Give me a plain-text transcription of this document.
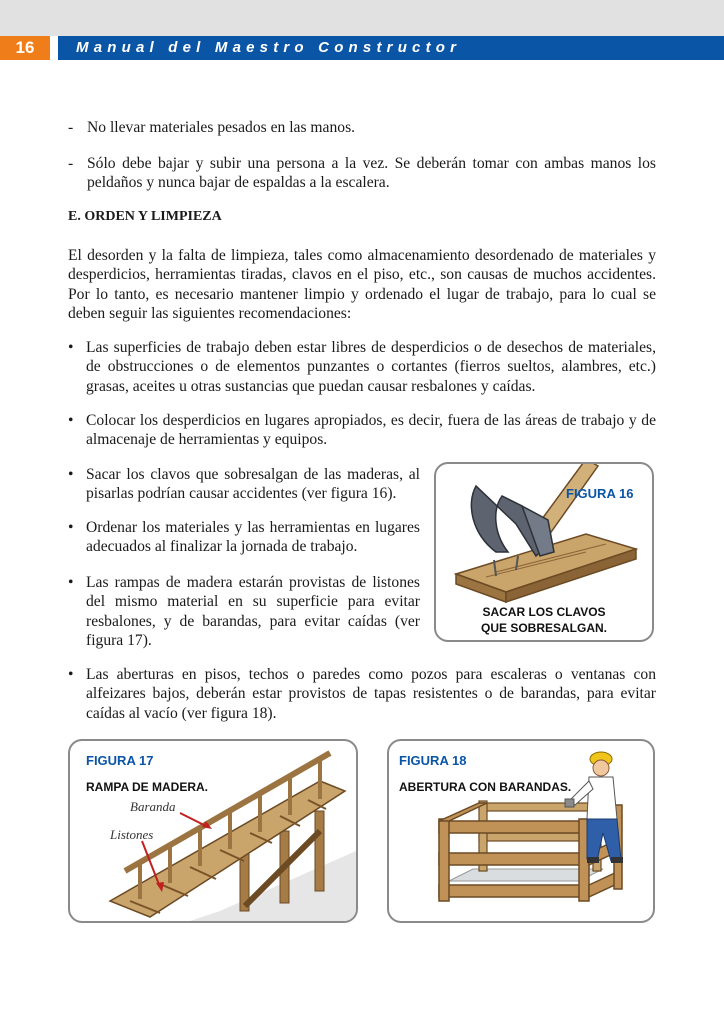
16	Manual del Maestro Constructor
- No llevar materiales pesados en las manos.
- Sólo debe bajar y subir una persona a la vez. Se deberán tomar con ambas manos los peldaños y nunca bajar de espaldas a la escalera.
E. ORDEN Y LIMPIEZA

El desorden y la falta de limpieza, tales como almacenamiento desordenado de materiales y desperdicios, herramientas tiradas, clavos en el piso, etc., son causas de muchos accidentes. Por lo tanto, es necesario mantener limpio y ordenado el lugar de trabajo, para lo cual se deben seguir las siguientes recomendaciones:

• Las superficies de trabajo deben estar libres de desperdicios o de desechos de materiales, de obstrucciones o de elementos punzantes o cortantes (fierros sueltos, alambres, etc.) grasas, aceites u otras sustancias que puedan causar resbalones y caídas.
• Colocar los desperdicios en lugares apropiados, es decir, fuera de las áreas de trabajo y de almacenaje de herramientas y equipos.
• Sacar los clavos que sobresalgan de las maderas, al pisarlas podrían causar accidentes (ver figura 16).
• Ordenar los materiales y las herramientas en lugares adecuados al finalizar la jornada de trabajo.
• Las rampas de madera estarán provistas de listones del mismo material en su superficie para evitar resbalones, y de barandas, para evitar caídas (ver figura 17).
• Las aberturas en pisos, techos o paredes como pozos para escaleras o ventanas con alfeizares bajos, deberán estar provistos de tapas resistentes o de barandas, para evitar caídas al vacío (ver figura 18).
FIGURA 16
SACAR LOS CLAVOS
QUE SOBRESALGAN.
FIGURA 17
RAMPA DE MADERA.
Baranda
Listones
FIGURA 18
ABERTURA CON BARANDAS.
